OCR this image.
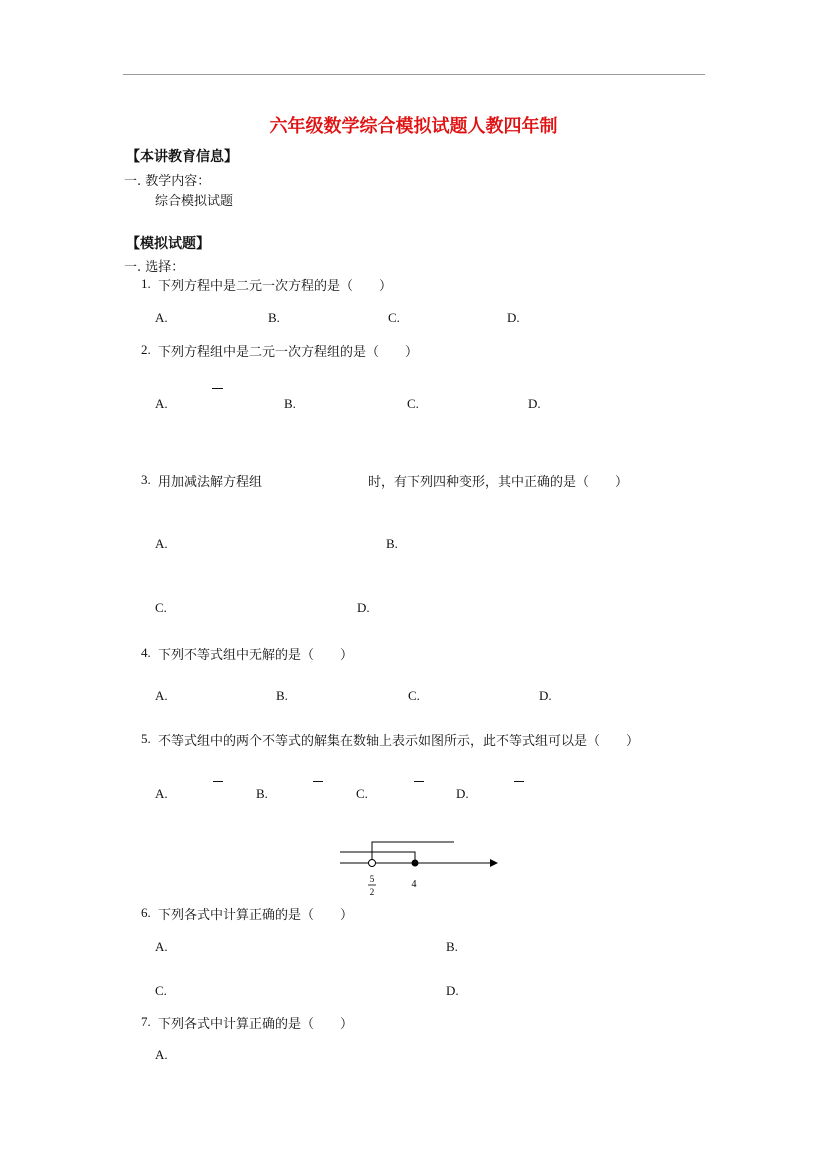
六年级数学综合模拟试题人教四年制
【本讲教育信息】
一. 教学内容：
综合模拟试题
【模拟试题】
一. 选择：
1. 下列方程中是二元一次方程的是（　　）
A.	B.	C.	D.
2. 下列方程组中是二元一次方程组的是（　　）
A.	B.	C.	D.
3. 用加减法解方程组	时，有下列四种变形，其中正确的是（　　）
A.	B.
C.	D.
4. 下列不等式组中无解的是（　　）
A.	B.	C.	D.
5. 不等式组中的两个不等式的解集在数轴上表示如图所示，此不等式组可以是（　　）
A.	B.	C.	D.
5
2
4
6. 下列各式中计算正确的是（　　）
A.	B.
C.	D.
7. 下列各式中计算正确的是（　　）
A.
